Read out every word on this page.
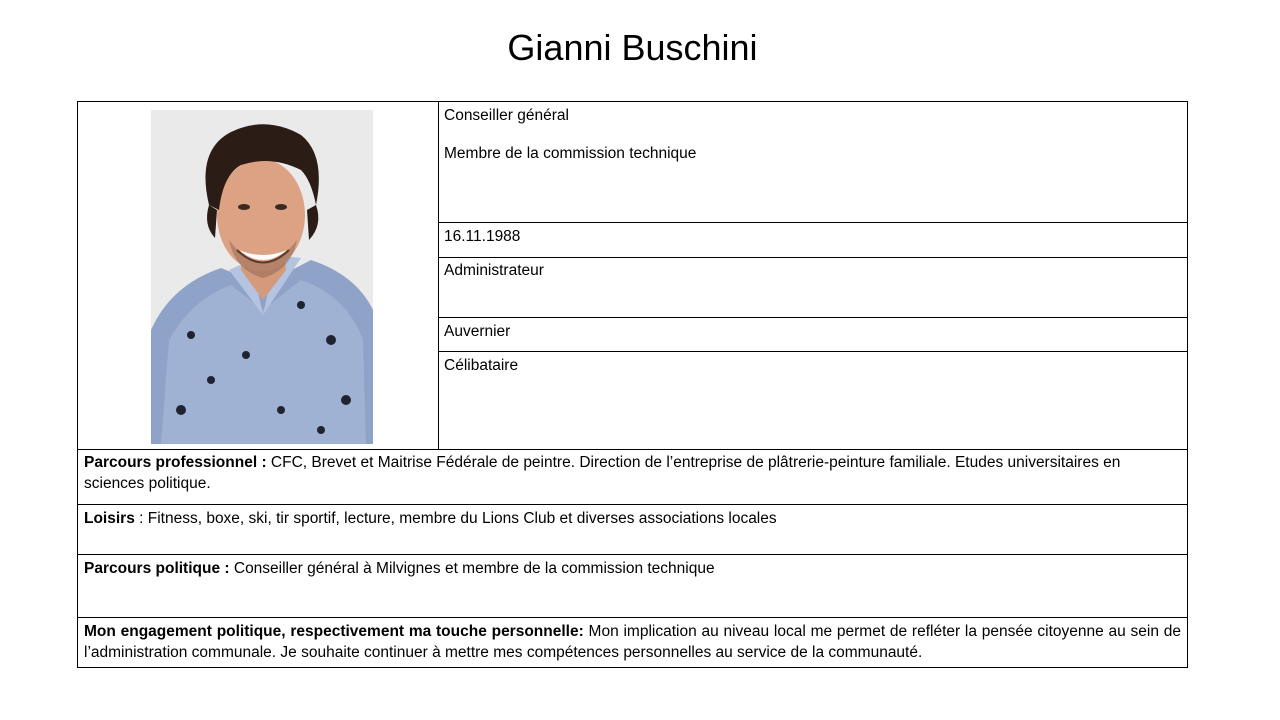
Gianni Buschini
Conseiller général
Membre de la commission technique
16.11.1988
Administrateur
Auvernier
Célibataire
Parcours professionnel : CFC, Brevet et Maitrise Fédérale de peintre. Direction de l’entreprise de plâtrerie-peinture familiale. Etudes universitaires en sciences politique.
Loisirs : Fitness, boxe, ski, tir sportif, lecture, membre du Lions Club et diverses associations locales
Parcours politique : Conseiller général à Milvignes et membre de la commission technique
Mon engagement politique, respectivement ma touche personnelle: Mon implication au niveau local me permet de refléter la pensée citoyenne au sein de l’administration communale. Je souhaite continuer à mettre mes compétences personnelles au service de la communauté.
